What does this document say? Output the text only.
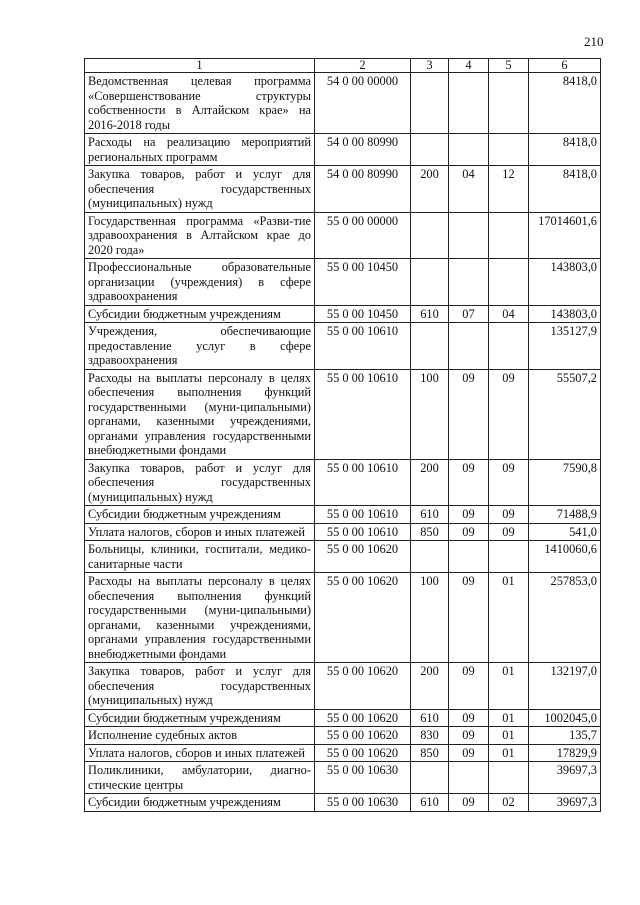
210
1	2	3	4	5	6
Ведомственная целевая программа «Совершенствование структуры собственности в Алтайском крае» на 2016-2018 годы	54 0 00 00000				8418,0
Расходы на реализацию мероприятий региональных программ	54 0 00 80990				8418,0
Закупка товаров, работ и услуг для обеспечения государственных (муниципальных) нужд	54 0 00 80990	200	04	12	8418,0
Государственная программа «Разви-тие здравоохранения в Алтайском крае до 2020 года»	55 0 00 00000				17014601,6
Профессиональные образовательные организации (учреждения) в сфере здравоохранения	55 0 00 10450				143803,0
Субсидии бюджетным учреждениям	55 0 00 10450	610	07	04	143803,0
Учреждения, обеспечивающие предоставление услуг в сфере здравоохранения	55 0 00 10610				135127,9
Расходы на выплаты персоналу в целях обеспечения выполнения функций государственными (муни-ципальными) органами, казенными учреждениями, органами управления государственными внебюджетными фондами	55 0 00 10610	100	09	09	55507,2
Закупка товаров, работ и услуг для обеспечения государственных (муниципальных) нужд	55 0 00 10610	200	09	09	7590,8
Субсидии бюджетным учреждениям	55 0 00 10610	610	09	09	71488,9
Уплата налогов, сборов и иных платежей	55 0 00 10610	850	09	09	541,0
Больницы, клиники, госпитали, медико-санитарные части	55 0 00 10620				1410060,6
Расходы на выплаты персоналу в целях обеспечения выполнения функций государственными (муни-ципальными) органами, казенными учреждениями, органами управления государственными внебюджетными фондами	55 0 00 10620	100	09	01	257853,0
Закупка товаров, работ и услуг для обеспечения государственных (муниципальных) нужд	55 0 00 10620	200	09	01	132197,0
Субсидии бюджетным учреждениям	55 0 00 10620	610	09	01	1002045,0
Исполнение судебных актов	55 0 00 10620	830	09	01	135,7
Уплата налогов, сборов и иных платежей	55 0 00 10620	850	09	01	17829,9
Поликлиники, амбулатории, диагно-стические центры	55 0 00 10630				39697,3
Субсидии бюджетным учреждениям	55 0 00 10630	610	09	02	39697,3
